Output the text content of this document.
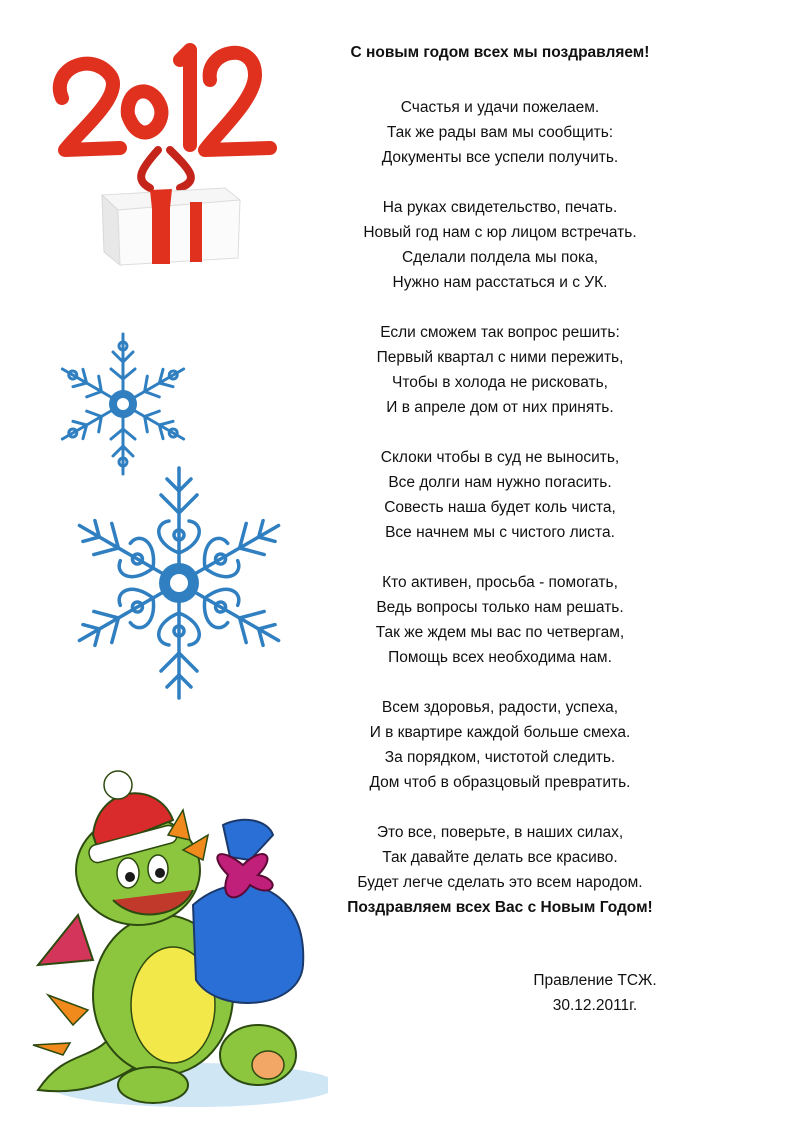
С новым годом всех мы поздравляем!
Счастья и удачи пожелаем.
Так же рады вам мы сообщить:
Документы все успели получить.
На руках свидетельство, печать.
Новый год нам с юр лицом встречать.
Сделали полдела мы пока,
Нужно нам расстаться и с УК.
Если сможем так вопрос решить:
Первый квартал с ними пережить,
Чтобы в холода не рисковать,
И в апреле дом от них принять.
Склоки чтобы в суд не выносить,
Все долги нам нужно погасить.
Совесть наша будет коль чиста,
Все начнем мы с чистого листа.
Кто активен, просьба - помогать,
Ведь вопросы только нам решать.
Так же ждем мы вас по четвергам,
Помощь всех необходима нам.
Всем здоровья, радости, успеха,
И в квартире каждой больше смеха.
За порядком, чистотой следить.
Дом чтоб в образцовый превратить.
Это все, поверьте, в наших силах,
Так давайте делать все красиво.
Будет легче сделать это всем народом.
Поздравляем всех Вас с Новым Годом!
Правление ТСЖ.
30.12.2011г.
